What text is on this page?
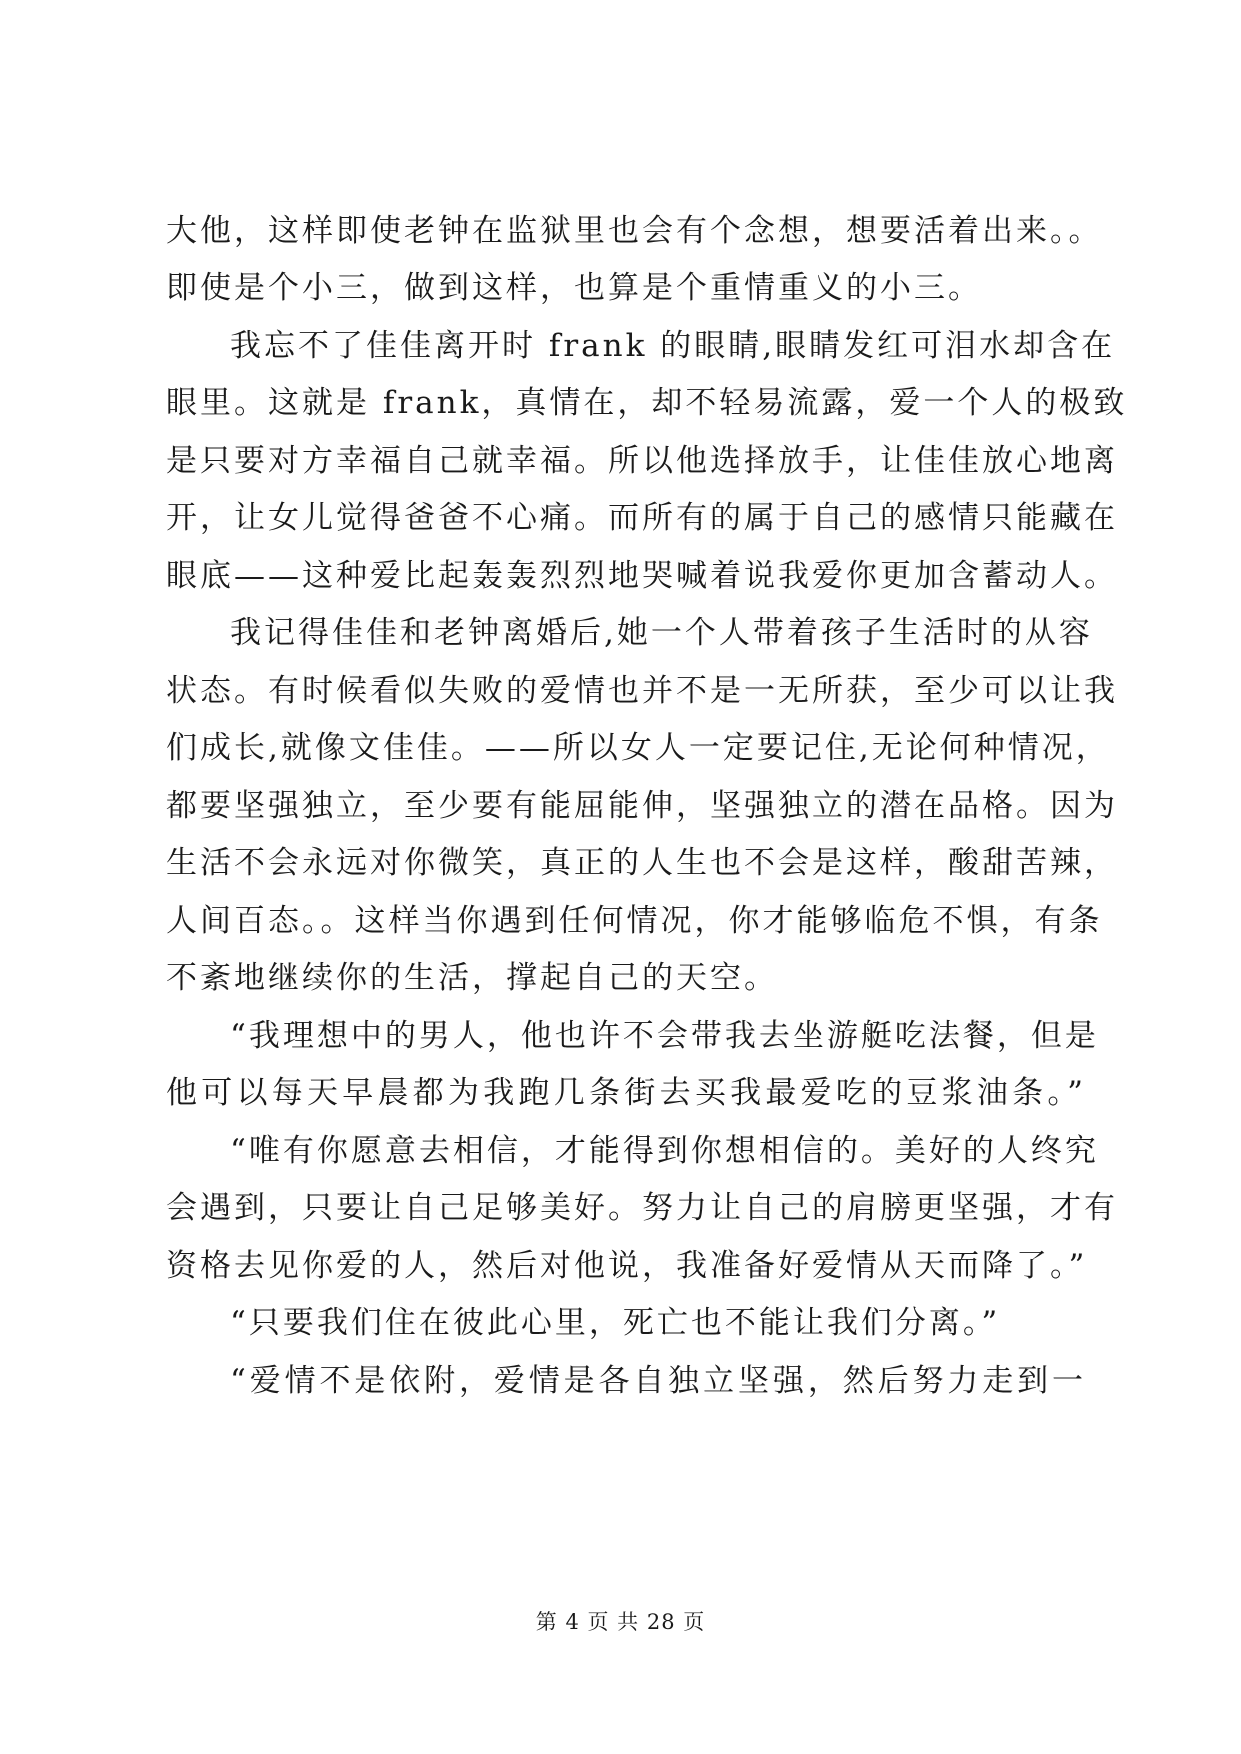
大他，这样即使老钟在监狱里也会有个念想，想要活着出来。。
即使是个小三，做到这样，也算是个重情重义的小三。
我忘不了佳佳离开时 frank 的眼睛,眼睛发红可泪水却含在
眼里。这就是 frank，真情在，却不轻易流露，爱一个人的极致
是只要对方幸福自己就幸福。所以他选择放手，让佳佳放心地离
开，让女儿觉得爸爸不心痛。而所有的属于自己的感情只能藏在
眼底——这种爱比起轰轰烈烈地哭喊着说我爱你更加含蓄动人。
我记得佳佳和老钟离婚后,她一个人带着孩子生活时的从容
状态。有时候看似失败的爱情也并不是一无所获，至少可以让我
们成长,就像文佳佳。——所以女人一定要记住,无论何种情况，
都要坚强独立，至少要有能屈能伸，坚强独立的潜在品格。因为
生活不会永远对你微笑，真正的人生也不会是这样，酸甜苦辣，
人间百态。。这样当你遇到任何情况，你才能够临危不惧，有条
不紊地继续你的生活，撑起自己的天空。
“我理想中的男人，他也许不会带我去坐游艇吃法餐，但是
他可以每天早晨都为我跑几条街去买我最爱吃的豆浆油条。”
“唯有你愿意去相信，才能得到你想相信的。美好的人终究
会遇到，只要让自己足够美好。努力让自己的肩膀更坚强，才有
资格去见你爱的人，然后对他说，我准备好爱情从天而降了。”
“只要我们住在彼此心里，死亡也不能让我们分离。”
“爱情不是依附，爱情是各自独立坚强，然后努力走到一
第 4 页 共 28 页
